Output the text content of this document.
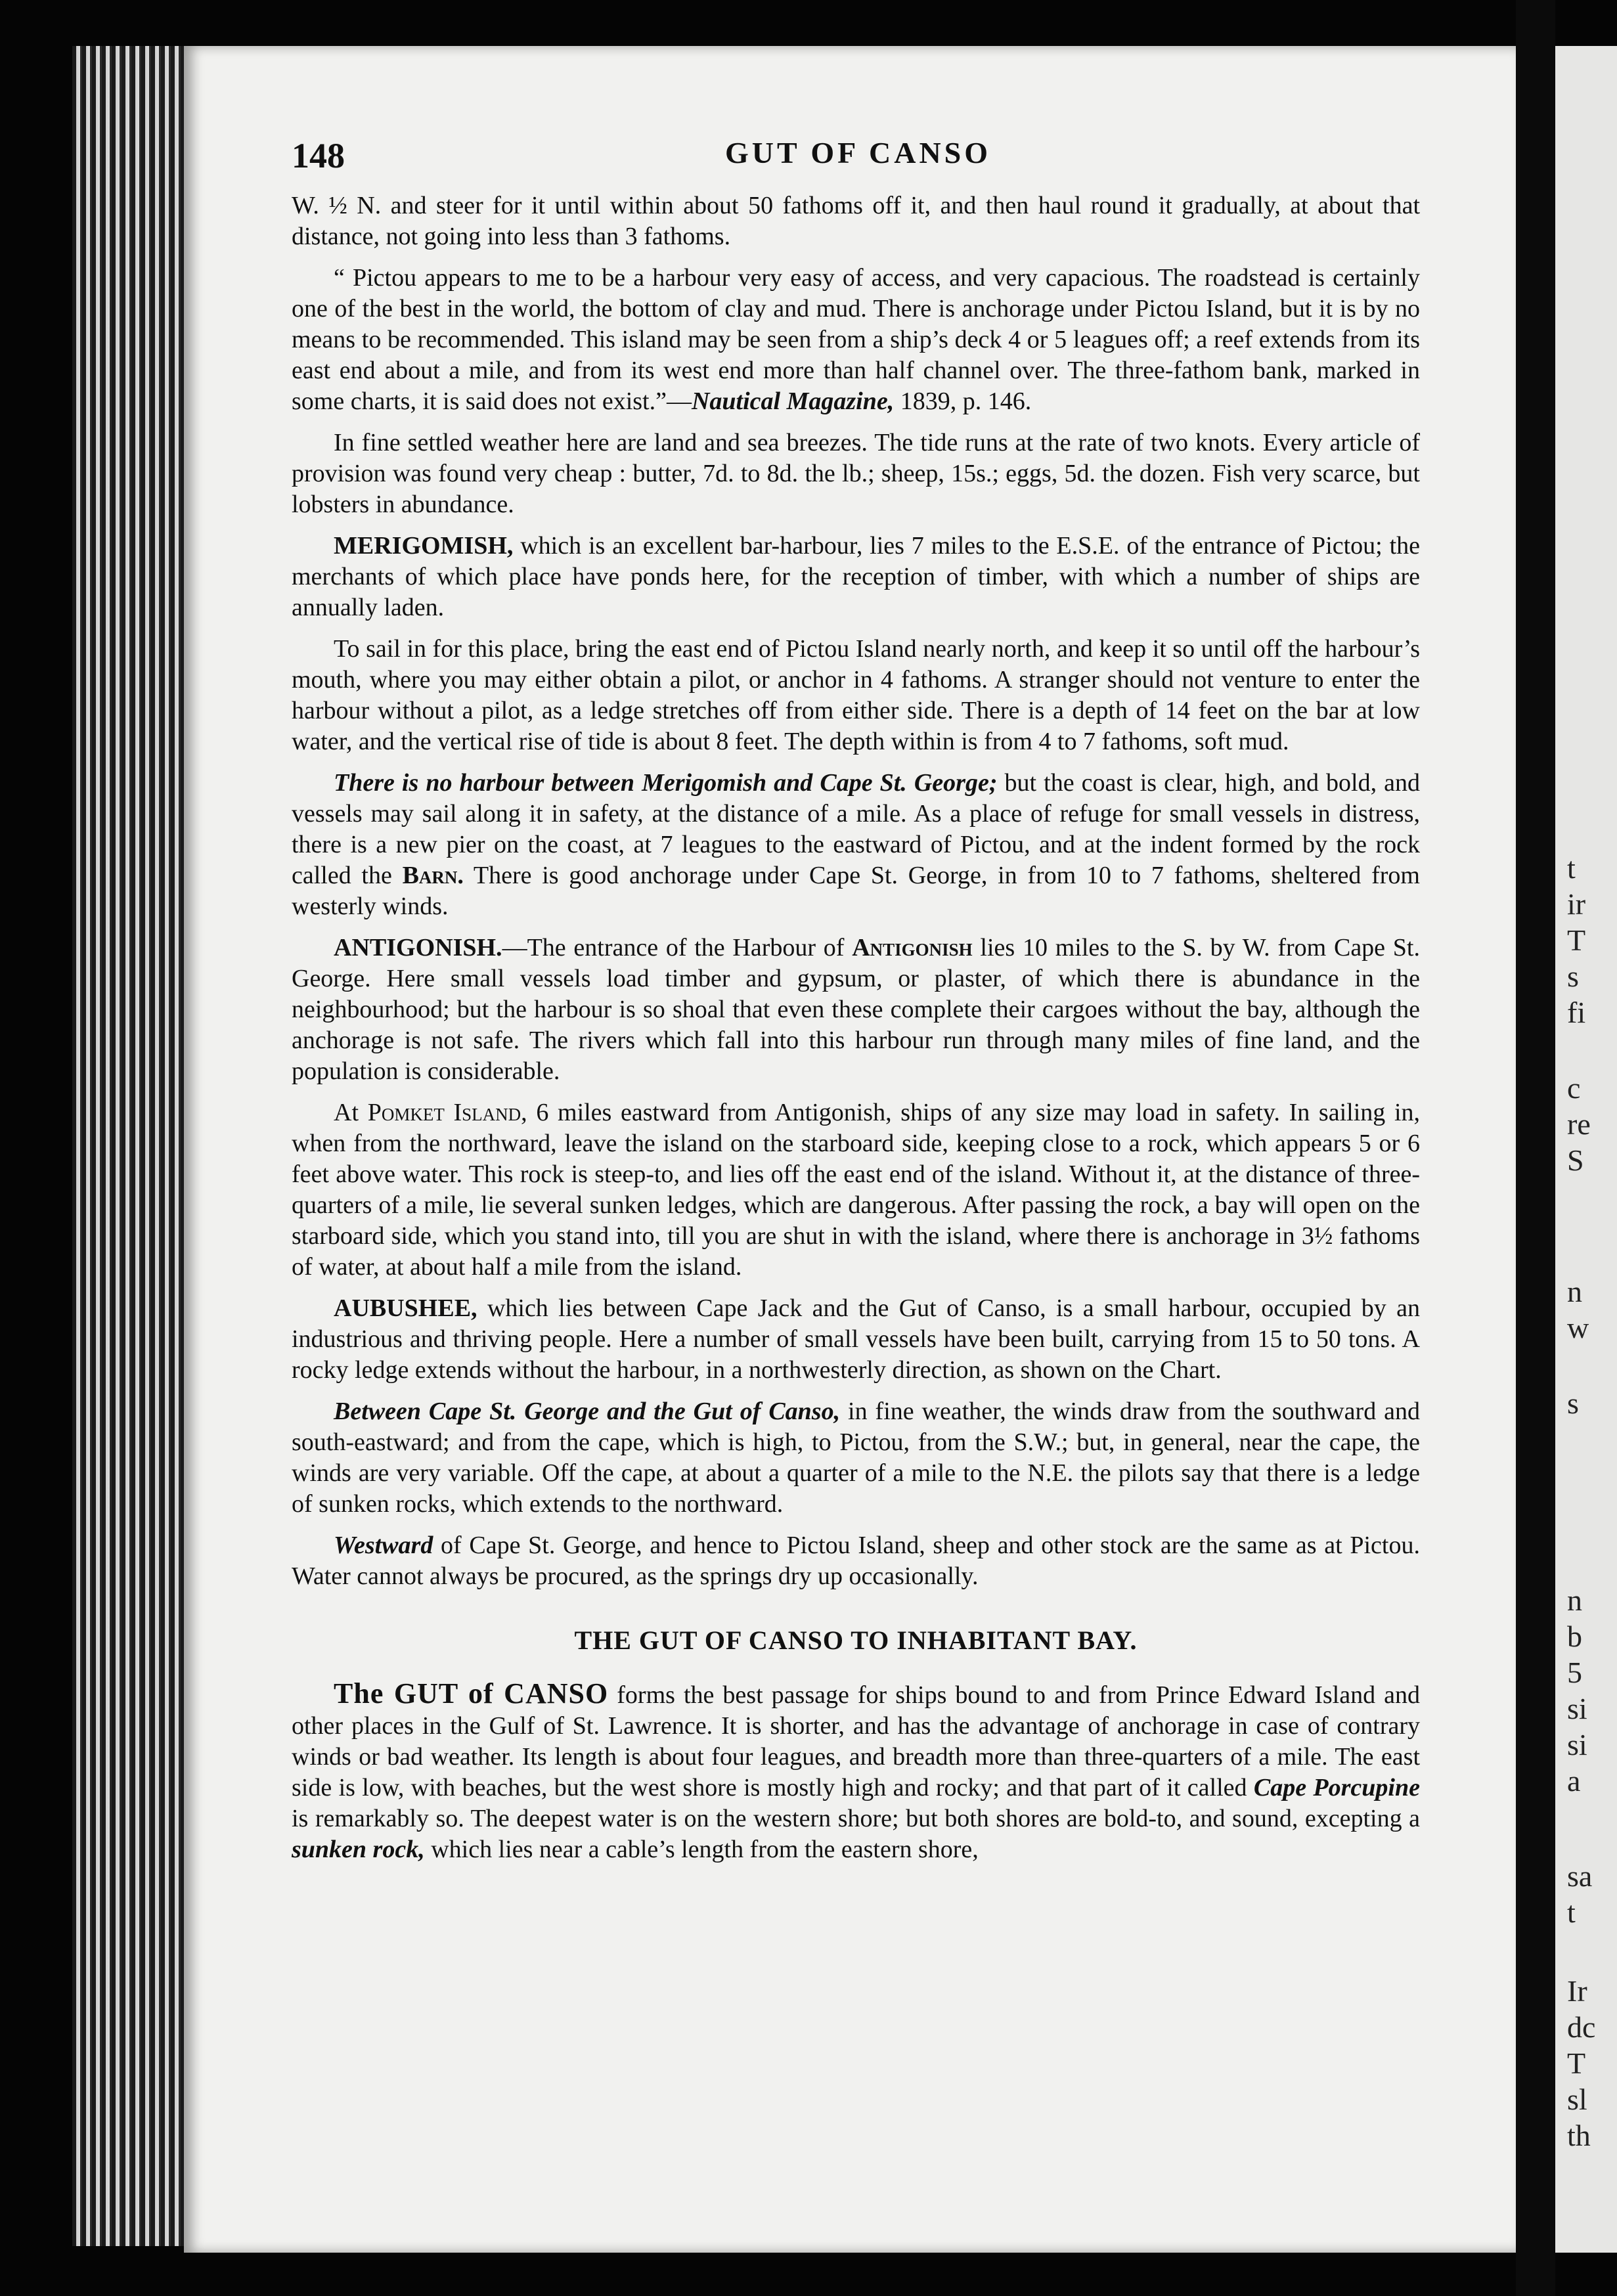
t
ir
T
s
fi
c
re
S
n
w
s
n
b
5
si
si
a
sa
t
Ir
dc
T
sl
th
148	GUT OF CANSO

W. ½ N. and steer for it until within about 50 fathoms off it, and then haul round it gradually, at about that distance, not going into less than 3 fathoms.

“ Pictou appears to me to be a harbour very easy of access, and very capacious. The roadstead is certainly one of the best in the world, the bottom of clay and mud. There is anchorage under Pictou Island, but it is by no means to be recommended. This island may be seen from a ship’s deck 4 or 5 leagues off; a reef extends from its east end about a mile, and from its west end more than half channel over. The three-fathom bank, marked in some charts, it is said does not exist.”—Nautical Magazine, 1839, p. 146.

In fine settled weather here are land and sea breezes. The tide runs at the rate of two knots. Every article of provision was found very cheap : butter, 7d. to 8d. the lb.; sheep, 15s.; eggs, 5d. the dozen. Fish very scarce, but lobsters in abundance.

MERIGOMISH, which is an excellent bar-harbour, lies 7 miles to the E.S.E. of the entrance of Pictou; the merchants of which place have ponds here, for the reception of timber, with which a number of ships are annually laden.

To sail in for this place, bring the east end of Pictou Island nearly north, and keep it so until off the harbour’s mouth, where you may either obtain a pilot, or anchor in 4 fathoms. A stranger should not venture to enter the harbour without a pilot, as a ledge stretches off from either side. There is a depth of 14 feet on the bar at low water, and the vertical rise of tide is about 8 feet. The depth within is from 4 to 7 fathoms, soft mud.

There is no harbour between Merigomish and Cape St. George; but the coast is clear, high, and bold, and vessels may sail along it in safety, at the distance of a mile. As a place of refuge for small vessels in distress, there is a new pier on the coast, at 7 leagues to the eastward of Pictou, and at the indent formed by the rock called the Barn. There is good anchorage under Cape St. George, in from 10 to 7 fathoms, sheltered from westerly winds.

ANTIGONISH.—The entrance of the Harbour of Antigonish lies 10 miles to the S. by W. from Cape St. George. Here small vessels load timber and gypsum, or plaster, of which there is abundance in the neighbourhood; but the harbour is so shoal that even these complete their cargoes without the bay, although the anchorage is not safe. The rivers which fall into this harbour run through many miles of fine land, and the population is considerable.

At Pomket Island, 6 miles eastward from Antigonish, ships of any size may load in safety. In sailing in, when from the northward, leave the island on the starboard side, keeping close to a rock, which appears 5 or 6 feet above water. This rock is steep-to, and lies off the east end of the island. Without it, at the distance of three-quarters of a mile, lie several sunken ledges, which are dangerous. After passing the rock, a bay will open on the starboard side, which you stand into, till you are shut in with the island, where there is anchorage in 3½ fathoms of water, at about half a mile from the island.

AUBUSHEE, which lies between Cape Jack and the Gut of Canso, is a small harbour, occupied by an industrious and thriving people. Here a number of small vessels have been built, carrying from 15 to 50 tons. A rocky ledge extends without the harbour, in a northwesterly direction, as shown on the Chart.

Between Cape St. George and the Gut of Canso, in fine weather, the winds draw from the southward and south-eastward; and from the cape, which is high, to Pictou, from the S.W.; but, in general, near the cape, the winds are very variable. Off the cape, at about a quarter of a mile to the N.E. the pilots say that there is a ledge of sunken rocks, which extends to the northward.

Westward of Cape St. George, and hence to Pictou Island, sheep and other stock are the same as at Pictou. Water cannot always be procured, as the springs dry up occasionally.

THE GUT OF CANSO TO INHABITANT BAY.

The GUT of CANSO forms the best passage for ships bound to and from Prince Edward Island and other places in the Gulf of St. Lawrence. It is shorter, and has the advantage of anchorage in case of contrary winds or bad weather. Its length is about four leagues, and breadth more than three-quarters of a mile. The east side is low, with beaches, but the west shore is mostly high and rocky; and that part of it called Cape Porcupine is remarkably so. The deepest water is on the western shore; but both shores are bold-to, and sound, excepting a sunken rock, which lies near a cable’s length from the eastern shore,
